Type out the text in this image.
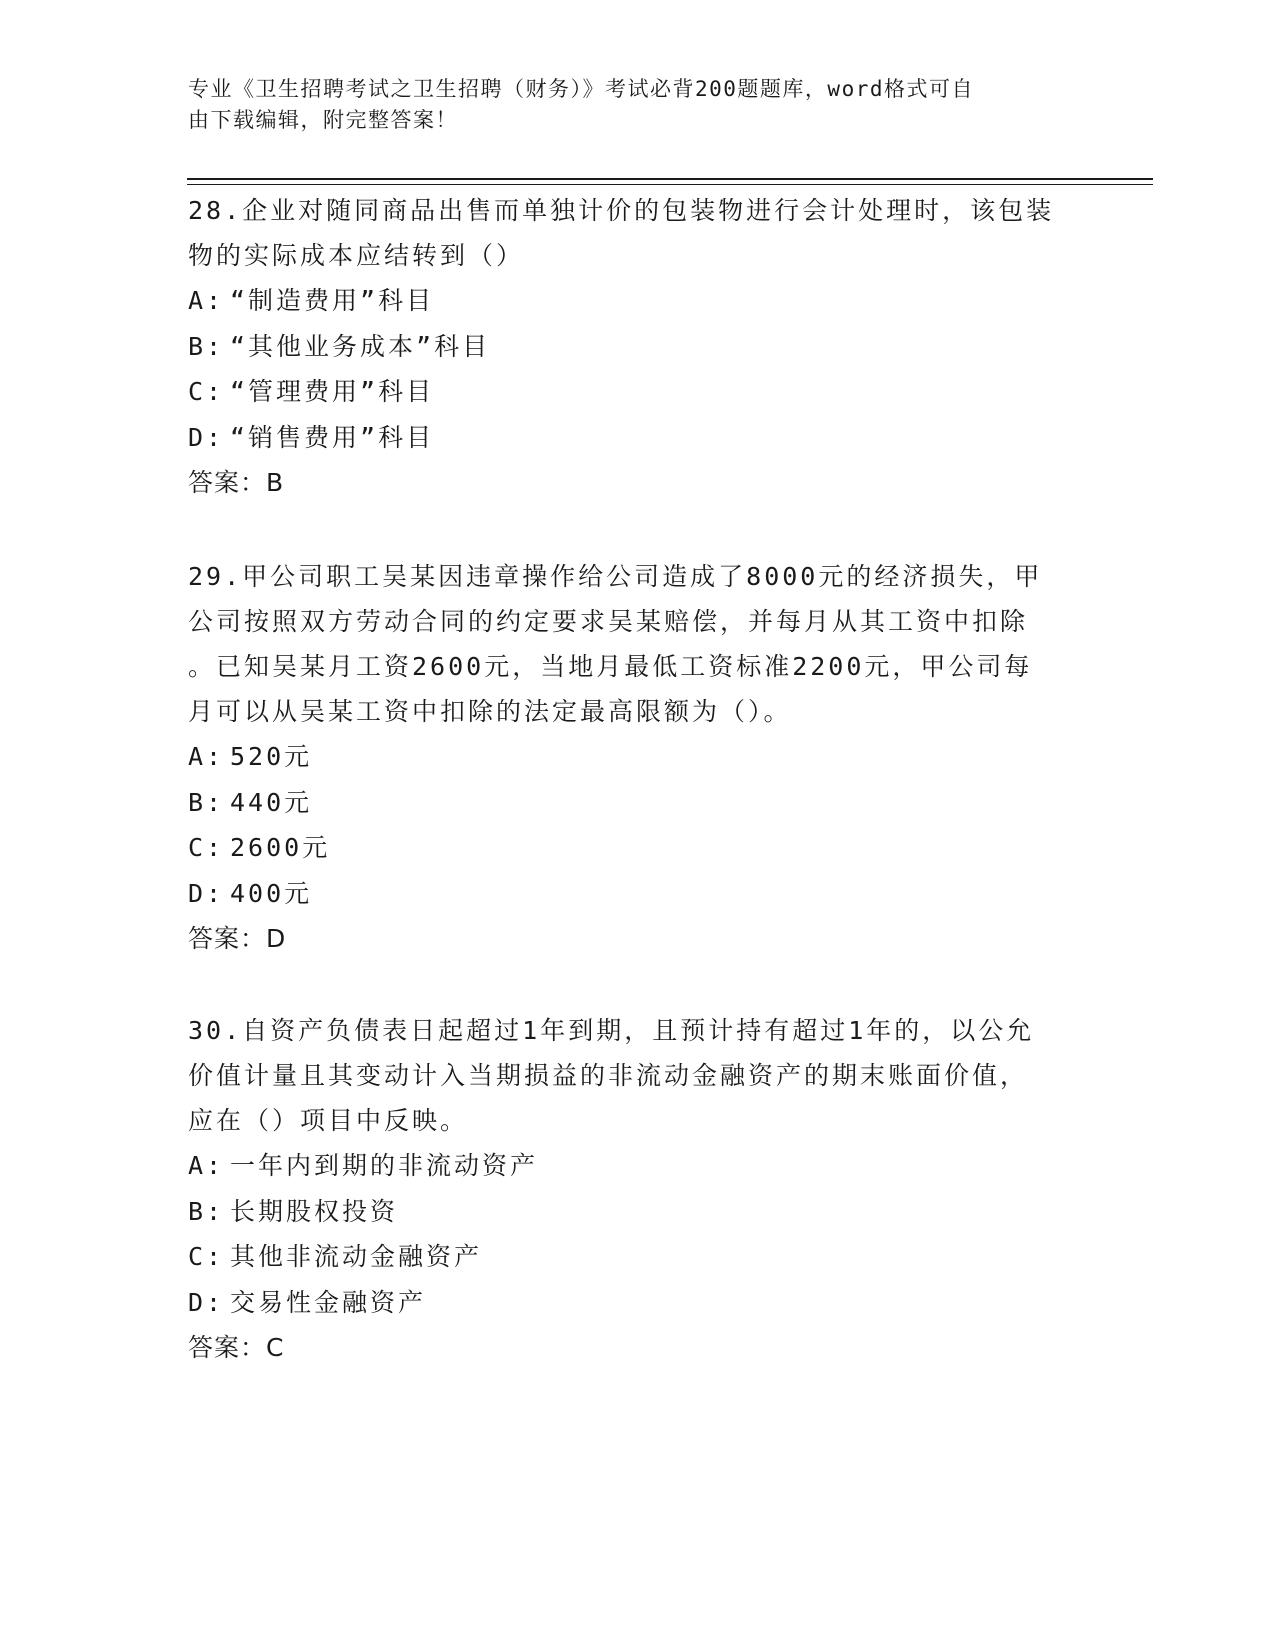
专业《卫生招聘考试之卫生招聘（财务）》考试必背200题题库，word格式可自
由下载编辑，附完整答案！

28.企业对随同商品出售而单独计价的包装物进行会计处理时，该包装

物的实际成本应结转到（）

A: “制造费用”科目

B: “其他业务成本”科目

C: “管理费用”科目

D: “销售费用”科目

答案：B

29.甲公司职工吴某因违章操作给公司造成了8000元的经济损失，甲

公司按照双方劳动合同的约定要求吴某赔偿，并每月从其工资中扣除

。已知吴某月工资2600元，当地月最低工资标准2200元，甲公司每

月可以从吴某工资中扣除的法定最高限额为（）。

A: 520元

B: 440元

C: 2600元

D: 400元

答案：D

30.自资产负债表日起超过1年到期，且预计持有超过1年的，以公允

价值计量且其变动计入当期损益的非流动金融资产的期末账面价值，

应在（）项目中反映。

A: 一年内到期的非流动资产

B: 长期股权投资

C: 其他非流动金融资产

D: 交易性金融资产

答案：C
